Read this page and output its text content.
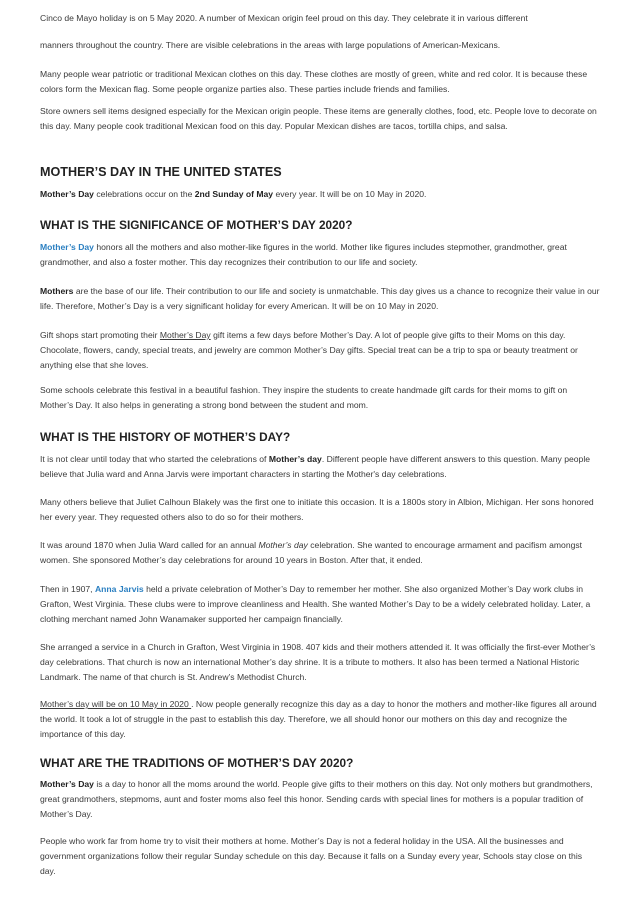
Cinco de Mayo holiday is on 5 May 2020. A number of Mexican origin feel proud on this day. They celebrate it in various different

manners throughout the country. There are visible celebrations in the areas with large populations of American-Mexicans.

Many people wear patriotic or traditional Mexican clothes on this day. These clothes are mostly of green, white and red color. It is because these colors form the Mexican flag. Some people organize parties also. These parties include friends and families.

Store owners sell items designed especially for the Mexican origin people. These items are generally clothes, food, etc. People love to decorate on this day. Many people cook traditional Mexican food on this day. Popular Mexican dishes are tacos, tortilla chips, and salsa.

MOTHER’S DAY IN THE UNITED STATES

Mother’s Day celebrations occur on the 2nd Sunday of May every year. It will be on 10 May in 2020.

WHAT IS THE SIGNIFICANCE OF MOTHER’S DAY 2020?

Mother’s Day honors all the mothers and also mother-like figures in the world. Mother like figures includes stepmother, grandmother, great grandmother, and also a foster mother. This day recognizes their contribution to our life and society.

Mothers are the base of our life. Their contribution to our life and society is unmatchable. This day gives us a chance to recognize their value in our life. Therefore, Mother’s Day is a very significant holiday for every American. It will be on 10 May in 2020.

Gift shops start promoting their Mother’s Day gift items a few days before Mother’s Day. A lot of people give gifts to their Moms on this day. Chocolate, flowers, candy, special treats, and jewelry are common Mother’s Day gifts. Special treat can be a trip to spa or beauty treatment or anything else that she loves.

Some schools celebrate this festival in a beautiful fashion. They inspire the students to create handmade gift cards for their moms to gift on Mother’s Day. It also helps in generating a strong bond between the student and mom.

WHAT IS THE HISTORY OF MOTHER’S DAY?

It is not clear until today that who started the celebrations of Mother’s day. Different people have different answers to this question. Many people believe that Julia ward and Anna Jarvis were important characters in starting the Mother's day celebrations.

Many others believe that Juliet Calhoun Blakely was the first one to initiate this occasion. It is a 1800s story in Albion, Michigan. Her sons honored her every year. They requested others also to do so for their mothers.

It was around 1870 when Julia Ward called for an annual Mother’s day celebration. She wanted to encourage armament and pacifism amongst women. She sponsored Mother’s day celebrations for around 10 years in Boston. After that, it ended.

Then in 1907, Anna Jarvis held a private celebration of Mother’s Day to remember her mother. She also organized Mother’s Day work clubs in Grafton, West Virginia. These clubs were to improve cleanliness and Health. She wanted Mother’s Day to be a widely celebrated holiday. Later, a clothing merchant named John Wanamaker supported her campaign financially.

She arranged a service in a Church in Grafton, West Virginia in 1908. 407 kids and their mothers attended it. It was officially the first-ever Mother’s day celebrations. That church is now an international Mother’s day shrine. It is a tribute to mothers. It also has been termed a National Historic Landmark. The name of that church is St. Andrew’s Methodist Church.

Mother’s day will be on 10 May in 2020 . Now people generally recognize this day as a day to honor the mothers and mother-like figures all around the world. It took a lot of struggle in the past to establish this day. Therefore, we all should honor our mothers on this day and recognize the importance of this day.

WHAT ARE THE TRADITIONS OF MOTHER’S DAY 2020?

Mother’s Day is a day to honor all the moms around the world. People give gifts to their mothers on this day. Not only mothers but grandmothers, great grandmothers, stepmoms, aunt and foster moms also feel this honor. Sending cards with special lines for mothers is a popular tradition of Mother’s Day.

People who work far from home try to visit their mothers at home. Mother’s Day is not a federal holiday in the USA. All the businesses and government organizations follow their regular Sunday schedule on this day. Because it falls on a Sunday every year, Schools stay close on this day.
